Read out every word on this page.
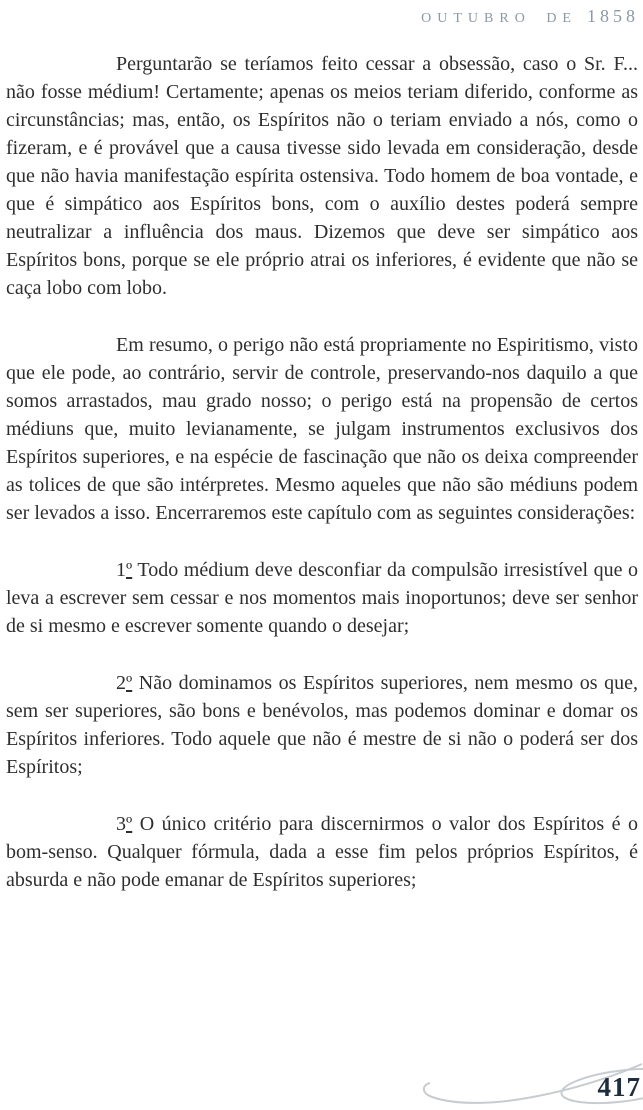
OUTUBRO DE 1858

Perguntarão se teríamos feito cessar a obsessão, caso o Sr. F... não fosse médium! Certamente; apenas os meios teriam diferido, conforme as circunstâncias; mas, então, os Espíritos não o teriam enviado a nós, como o fizeram, e é provável que a causa tivesse sido levada em consideração, desde que não havia manifestação espírita ostensiva. Todo homem de boa vontade, e que é simpático aos Espíritos bons, com o auxílio destes poderá sempre neutralizar a influência dos maus. Dizemos que deve ser simpático aos Espíritos bons, porque se ele próprio atrai os inferiores, é evidente que não se caça lobo com lobo.

Em resumo, o perigo não está propriamente no Espiritismo, visto que ele pode, ao contrário, servir de controle, preservando-nos daquilo a que somos arrastados, mau grado nosso; o perigo está na propensão de certos médiuns que, muito levianamente, se julgam instrumentos exclusivos dos Espíritos superiores, e na espécie de fascinação que não os deixa compreender as tolices de que são intérpretes. Mesmo aqueles que não são médiuns podem ser levados a isso. Encerraremos este capítulo com as seguintes considerações:

1º Todo médium deve desconfiar da compulsão irresistível que o leva a escrever sem cessar e nos momentos mais inoportunos; deve ser senhor de si mesmo e escrever somente quando o desejar;

2º Não dominamos os Espíritos superiores, nem mesmo os que, sem ser superiores, são bons e benévolos, mas podemos dominar e domar os Espíritos inferiores. Todo aquele que não é mestre de si não o poderá ser dos Espíritos;

3º O único critério para discernirmos o valor dos Espíritos é o bom-senso. Qualquer fórmula, dada a esse fim pelos próprios Espíritos, é absurda e não pode emanar de Espíritos superiores;

417
